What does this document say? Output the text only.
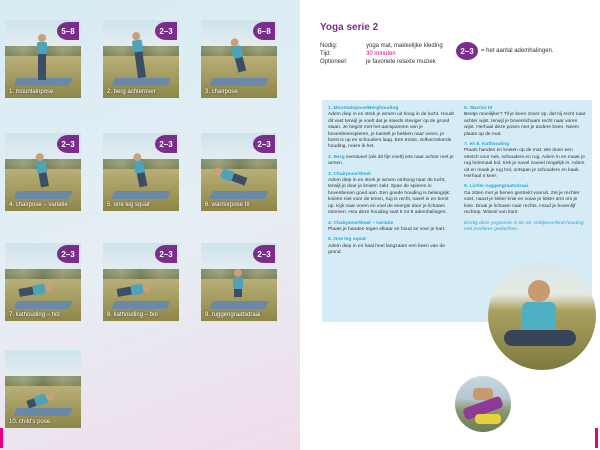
5–8
1. mountainpose
2–3
2. berg achterover
6–8
3. chairpose
2–3
4. chairpose – variatie
2–3
5. one leg squat
2–3
6. warriorpose III
2–3
7. kathouding – hol
2–3
8. kathouding – bol
2–3
9. ruggengraatsdraai
10. child's pose
Yoga serie 2
Nodig:	yoga mat, makkelijke kleding
Tijd:	30 minuten
Optioneel:	je favoriete relaxte muziek
2–3	= het aantal ademhalingen.
1. Mountainpose/Berghouding
Adem diep in en strek je armen uit hoog in de lucht. Houdt dit vast terwijl je voelt dat je steeds steviger op de grond staan. Je begint met het aanspannen van je bovenbeenspieren, je kantelt je bekken naar voren, je borst is op en schouders laag. Een trotse, zelfverzekerde houding, noem ik het.
2. Berg eventueel (als dit fijn voelt) iets naar achter met je armen.
3. Chairpose/Stoel
Adem diep in en strek je armen omhoog naar de lucht, terwijl je door je knieën zakt. Span de spieren in bovenbenen goed aan. Een goede houding is belangrijk: knieën niet voor de tenen, rug is recht, navel in en borst op. Kijk naar voren en voel de energie door je lichaam stromen. Hou deze houding vast 6 tot 8 ademhalingen.
4. Chairpose/Stoel – variatie
Plaats je handen tegen elkaar en houd ze voor je hart.
5. One leg squat
Adem diep in en haal heel langzaam een been van de grond.
6. Warrior III
Beetje moeilijker? Til je been zover op, dat hij recht naar achter wijst, terwijl je bovenlichaam recht naar voren wijst. Herhaal deze poses met je andere been. Neem plaats op de mat.
7. en 8. Kathouding
Plaats handen en knieën op de mat. We doen een stretch voor nek, schouders en rug. Adem in en maak je rug helemaal bol, trek je navel zoveel mogelijk in. Adem uit en maak je rug hol, ontspan je schouders en kaak. Herhaal 4 keer.
9. Lichte ruggengraatsdraai
Ga zitten met je benen gestrekt vooruit. Zet je rechter voet, naast je linker knie en vouw je linker arm om je knie. Draai je lichaam naar rechts. Houd je bovenlijf rechtop. Wissel van kant.
Eindig deze yogaserie in de 10. childpose/kind-houding met positieve gedachten.
